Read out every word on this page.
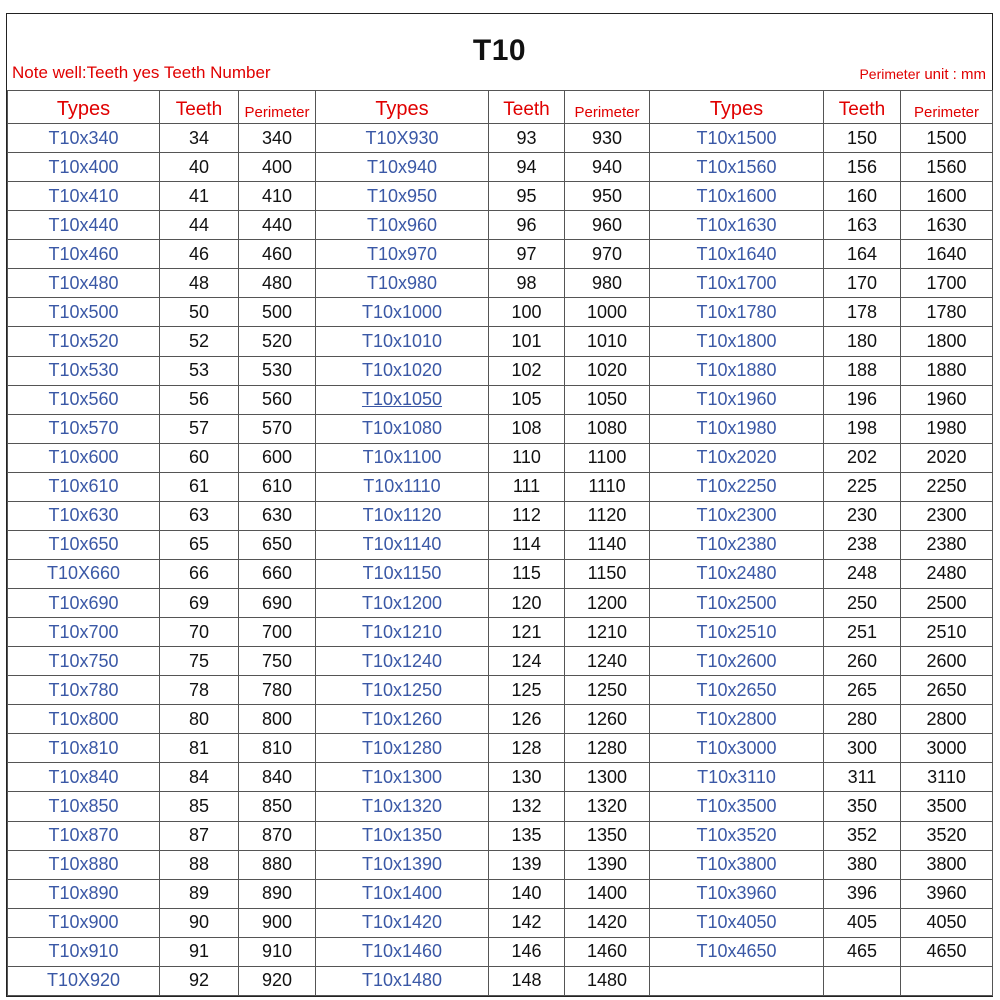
T10
Note well:Teeth yes Teeth Number	Perimeter unit : mm
Types	Teeth	Perimeter	Types	Teeth	Perimeter	Types	Teeth	Perimeter
T10x340	34	340	T10X930	93	930	T10x1500	150	1500
T10x400	40	400	T10x940	94	940	T10x1560	156	1560
T10x410	41	410	T10x950	95	950	T10x1600	160	1600
T10x440	44	440	T10x960	96	960	T10x1630	163	1630
T10x460	46	460	T10x970	97	970	T10x1640	164	1640
T10x480	48	480	T10x980	98	980	T10x1700	170	1700
T10x500	50	500	T10x1000	100	1000	T10x1780	178	1780
T10x520	52	520	T10x1010	101	1010	T10x1800	180	1800
T10x530	53	530	T10x1020	102	1020	T10x1880	188	1880
T10x560	56	560	T10x1050	105	1050	T10x1960	196	1960
T10x570	57	570	T10x1080	108	1080	T10x1980	198	1980
T10x600	60	600	T10x1100	110	1100	T10x2020	202	2020
T10x610	61	610	T10x1110	111	1110	T10x2250	225	2250
T10x630	63	630	T10x1120	112	1120	T10x2300	230	2300
T10x650	65	650	T10x1140	114	1140	T10x2380	238	2380
T10X660	66	660	T10x1150	115	1150	T10x2480	248	2480
T10x690	69	690	T10x1200	120	1200	T10x2500	250	2500
T10x700	70	700	T10x1210	121	1210	T10x2510	251	2510
T10x750	75	750	T10x1240	124	1240	T10x2600	260	2600
T10x780	78	780	T10x1250	125	1250	T10x2650	265	2650
T10x800	80	800	T10x1260	126	1260	T10x2800	280	2800
T10x810	81	810	T10x1280	128	1280	T10x3000	300	3000
T10x840	84	840	T10x1300	130	1300	T10x3110	311	3110
T10x850	85	850	T10x1320	132	1320	T10x3500	350	3500
T10x870	87	870	T10x1350	135	1350	T10x3520	352	3520
T10x880	88	880	T10x1390	139	1390	T10x3800	380	3800
T10x890	89	890	T10x1400	140	1400	T10x3960	396	3960
T10x900	90	900	T10x1420	142	1420	T10x4050	405	4050
T10x910	91	910	T10x1460	146	1460	T10x4650	465	4650
T10X920	92	920	T10x1480	148	1480			
